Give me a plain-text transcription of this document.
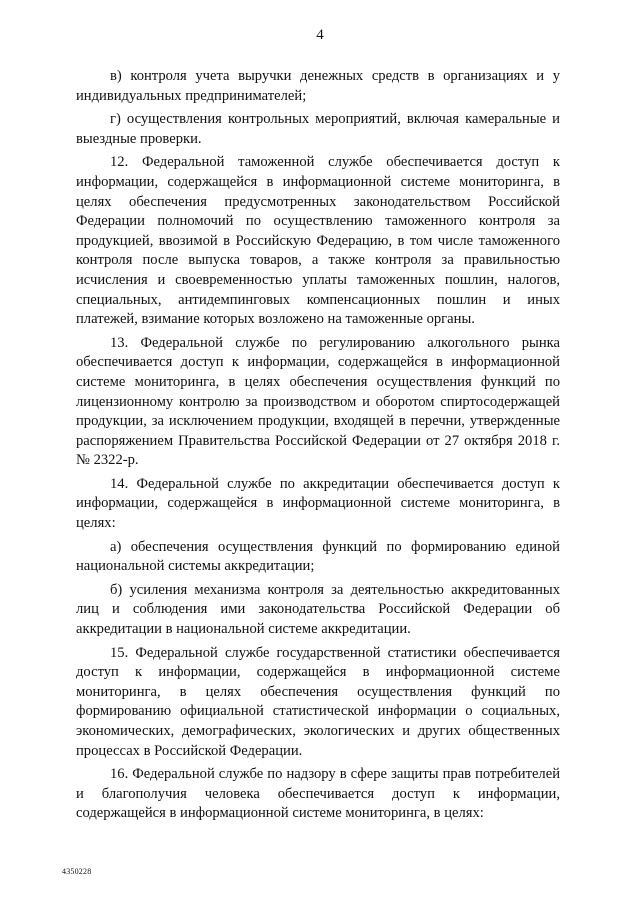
4

в) контроля учета выручки денежных средств в организациях и у индивидуальных предпринимателей;

г) осуществления контрольных мероприятий, включая камеральные и выездные проверки.

12. Федеральной таможенной службе обеспечивается доступ к информации, содержащейся в информационной системе мониторинга, в целях обеспечения предусмотренных законодательством Российской Федерации полномочий по осуществлению таможенного контроля за продукцией, ввозимой в Российскую Федерацию, в том числе таможенного контроля после выпуска товаров, а также контроля за правильностью исчисления и своевременностью уплаты таможенных пошлин, налогов, специальных, антидемпинговых компенсационных пошлин и иных платежей, взимание которых возложено на таможенные органы.

13. Федеральной службе по регулированию алкогольного рынка обеспечивается доступ к информации, содержащейся в информационной системе мониторинга, в целях обеспечения осуществления функций по лицензионному контролю за производством и оборотом спиртосодержащей продукции, за исключением продукции, входящей в перечни, утвержденные распоряжением Правительства Российской Федерации от 27 октября 2018 г. № 2322-р.

14. Федеральной службе по аккредитации обеспечивается доступ к информации, содержащейся в информационной системе мониторинга, в целях:

а) обеспечения осуществления функций по формированию единой национальной системы аккредитации;

б) усиления механизма контроля за деятельностью аккредитованных лиц и соблюдения ими законодательства Российской Федерации об аккредитации в национальной системе аккредитации.

15. Федеральной службе государственной статистики обеспечивается доступ к информации, содержащейся в информационной системе мониторинга, в целях обеспечения осуществления функций по формированию официальной статистической информации о социальных, экономических, демографических, экологических и других общественных процессах в Российской Федерации.

16. Федеральной службе по надзору в сфере защиты прав потребителей и благополучия человека обеспечивается доступ к информации, содержащейся в информационной системе мониторинга, в целях:

4350228
